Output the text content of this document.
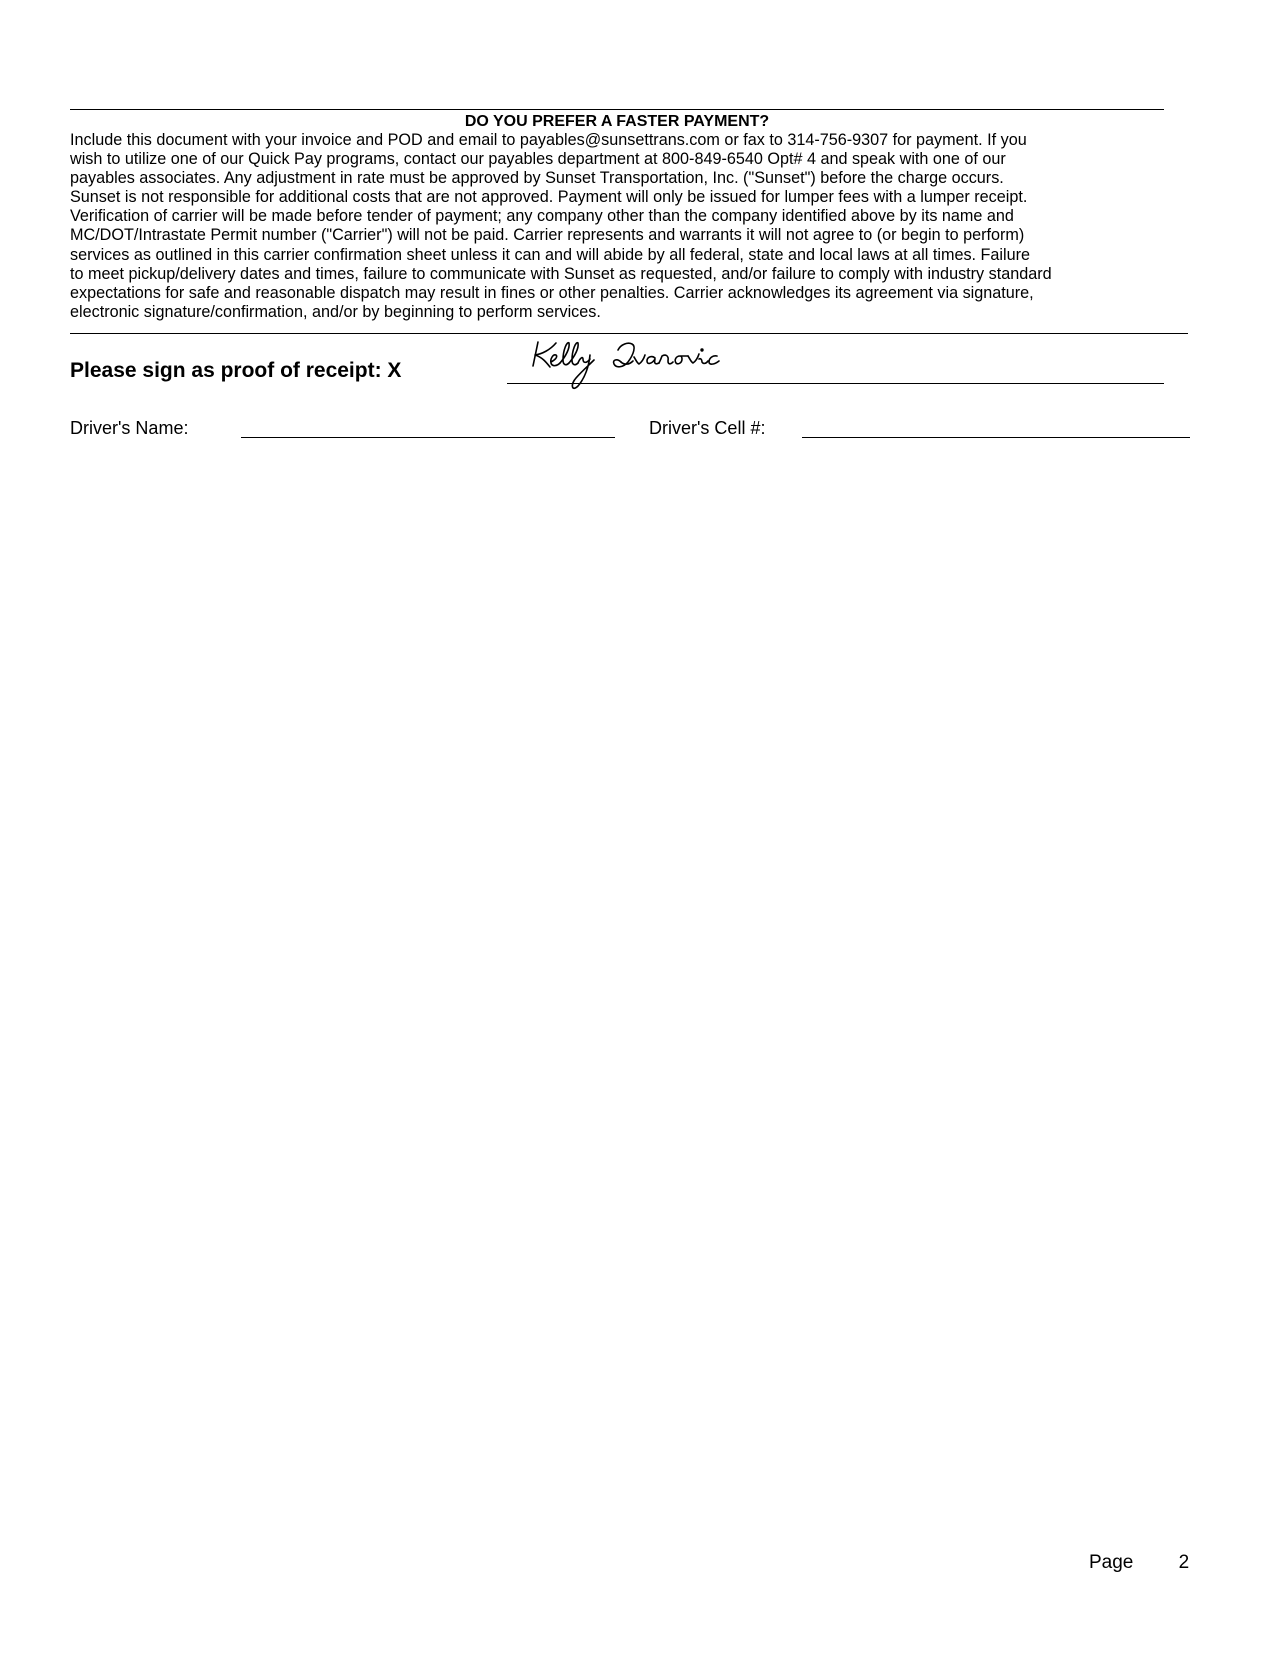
DO YOU PREFER A FASTER PAYMENT?
Include this document with your invoice and POD and email to payables@sunsettrans.com or fax to 314-756-9307 for payment. If you
wish to utilize one of our Quick Pay programs, contact our payables department at 800-849-6540 Opt# 4 and speak with one of our
payables associates. Any adjustment in rate must be approved by Sunset Transportation, Inc. ("Sunset") before the charge occurs.
Sunset is not responsible for additional costs that are not approved. Payment will only be issued for lumper fees with a lumper receipt.
Verification of carrier will be made before tender of payment; any company other than the company identified above by its name and
MC/DOT/Intrastate Permit number ("Carrier") will not be paid. Carrier represents and warrants it will not agree to (or begin to perform)
services as outlined in this carrier confirmation sheet unless it can and will abide by all federal, state and local laws at all times. Failure
to meet pickup/delivery dates and times, failure to communicate with Sunset as requested, and/or failure to comply with industry standard
expectations for safe and reasonable dispatch may result in fines or other penalties. Carrier acknowledges its agreement via signature,
electronic signature/confirmation, and/or by beginning to perform services.
Please sign as proof of receipt: X
Driver's Name:	Driver's Cell #:
Page 2
